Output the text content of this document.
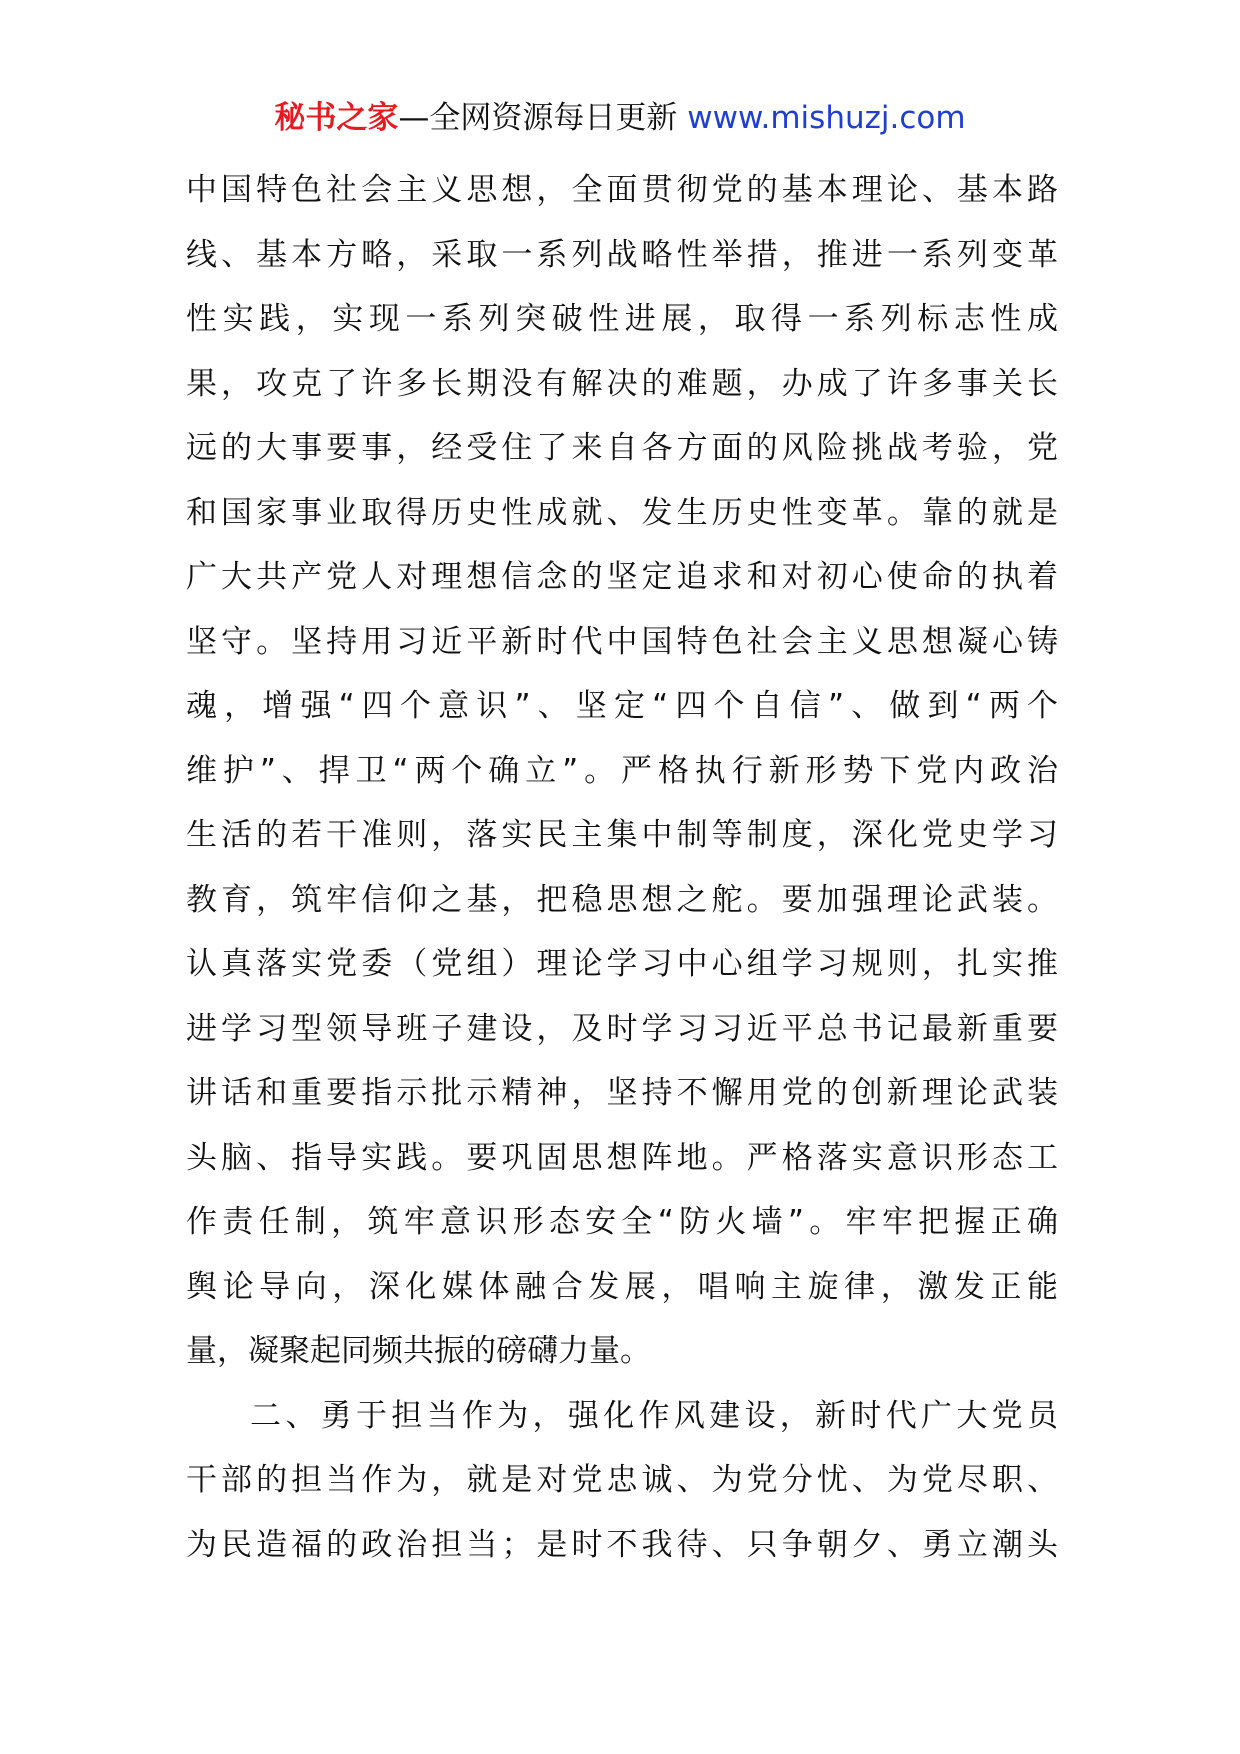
秘书之家—全网资源每日更新 www.mishuzj.com
中国特色社会主义思想，全面贯彻党的基本理论、基本路
线、基本方略，采取一系列战略性举措，推进一系列变革
性实践，实现一系列突破性进展，取得一系列标志性成
果，攻克了许多长期没有解决的难题，办成了许多事关长
远的大事要事，经受住了来自各方面的风险挑战考验，党
和国家事业取得历史性成就、发生历史性变革。靠的就是
广大共产党人对理想信念的坚定追求和对初心使命的执着
坚守。坚持用习近平新时代中国特色社会主义思想凝心铸
魂，增强“四个意识”、坚定“四个自信”、做到“两个
维护”、捍卫“两个确立”。严格执行新形势下党内政治
生活的若干准则，落实民主集中制等制度，深化党史学习
教育，筑牢信仰之基，把稳思想之舵。要加强理论武装。
认真落实党委（党组）理论学习中心组学习规则，扎实推
进学习型领导班子建设，及时学习习近平总书记最新重要
讲话和重要指示批示精神，坚持不懈用党的创新理论武装
头脑、指导实践。要巩固思想阵地。严格落实意识形态工
作责任制，筑牢意识形态安全“防火墙”。牢牢把握正确
舆论导向，深化媒体融合发展，唱响主旋律，激发正能
量，凝聚起同频共振的磅礴力量。
二、勇于担当作为，强化作风建设，新时代广大党员
干部的担当作为，就是对党忠诚、为党分忧、为党尽职、
为民造福的政治担当；是时不我待、只争朝夕、勇立潮头
